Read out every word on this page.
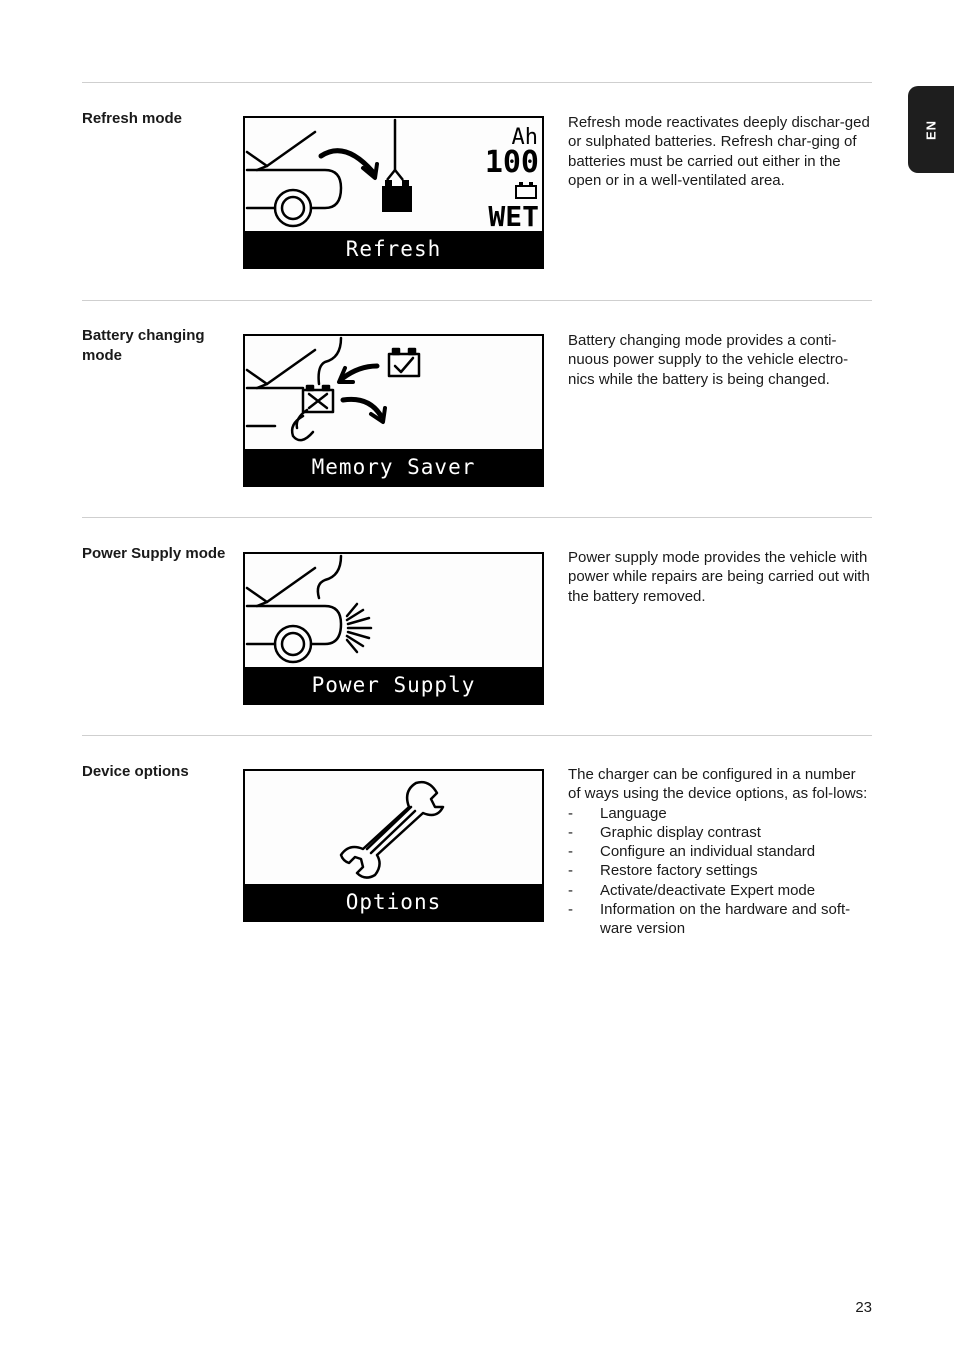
EN
Refresh mode
Ah
100
WET
Refresh

Refresh mode reactivates deeply dischar-ged or sulphated batteries. Refresh char-ging of batteries must be carried out either in the open or in a well-ventilated area.

Battery changing mode
Memory Saver

Battery changing mode provides a conti-nuous power supply to the vehicle electro-nics while the battery is being changed.

Power Supply mode
Power Supply

Power supply mode provides the vehicle with power while repairs are being carried out with the battery removed.

Device options
Options

The charger can be configured in a number of ways using the device options, as fol-lows:

- Language
- Graphic display contrast
- Configure an individual standard
- Restore factory settings
- Activate/deactivate Expert mode
- Information on the hardware and soft-ware version
23
